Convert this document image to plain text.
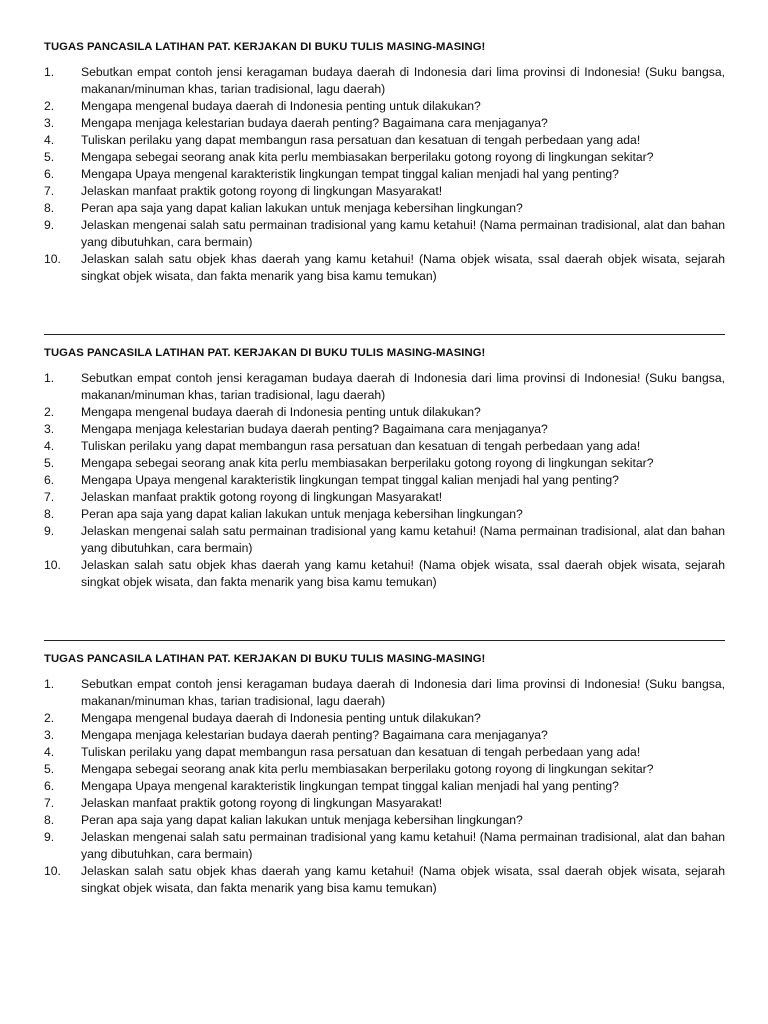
TUGAS PANCASILA LATIHAN PAT. KERJAKAN DI BUKU TULIS MASING-MASING!
1.	Sebutkan empat contoh jensi keragaman budaya daerah di Indonesia dari lima provinsi di Indonesia! (Suku bangsa, makanan/minuman khas, tarian tradisional, lagu daerah)
2.	Mengapa mengenal budaya daerah di Indonesia penting untuk dilakukan?
3.	Mengapa menjaga kelestarian budaya daerah penting? Bagaimana cara menjaganya?
4.	Tuliskan perilaku yang dapat membangun rasa persatuan dan kesatuan di tengah perbedaan yang ada!
5.	Mengapa sebegai seorang anak kita perlu membiasakan berperilaku gotong royong di lingkungan sekitar?
6.	Mengapa Upaya mengenal karakteristik lingkungan tempat tinggal kalian menjadi hal yang penting?
7.	Jelaskan manfaat praktik gotong royong di lingkungan Masyarakat!
8.	Peran apa saja yang dapat kalian lakukan untuk menjaga kebersihan lingkungan?
9.	Jelaskan mengenai salah satu permainan tradisional yang kamu ketahui! (Nama permainan tradisional, alat dan bahan yang dibutuhkan, cara bermain)
10.	Jelaskan salah satu objek khas daerah yang kamu ketahui! (Nama objek wisata, ssal daerah objek wisata, sejarah singkat objek wisata, dan fakta menarik yang bisa kamu temukan)
TUGAS PANCASILA LATIHAN PAT. KERJAKAN DI BUKU TULIS MASING-MASING!
1.	Sebutkan empat contoh jensi keragaman budaya daerah di Indonesia dari lima provinsi di Indonesia! (Suku bangsa, makanan/minuman khas, tarian tradisional, lagu daerah)
2.	Mengapa mengenal budaya daerah di Indonesia penting untuk dilakukan?
3.	Mengapa menjaga kelestarian budaya daerah penting? Bagaimana cara menjaganya?
4.	Tuliskan perilaku yang dapat membangun rasa persatuan dan kesatuan di tengah perbedaan yang ada!
5.	Mengapa sebegai seorang anak kita perlu membiasakan berperilaku gotong royong di lingkungan sekitar?
6.	Mengapa Upaya mengenal karakteristik lingkungan tempat tinggal kalian menjadi hal yang penting?
7.	Jelaskan manfaat praktik gotong royong di lingkungan Masyarakat!
8.	Peran apa saja yang dapat kalian lakukan untuk menjaga kebersihan lingkungan?
9.	Jelaskan mengenai salah satu permainan tradisional yang kamu ketahui! (Nama permainan tradisional, alat dan bahan yang dibutuhkan, cara bermain)
10.	Jelaskan salah satu objek khas daerah yang kamu ketahui! (Nama objek wisata, ssal daerah objek wisata, sejarah singkat objek wisata, dan fakta menarik yang bisa kamu temukan)
TUGAS PANCASILA LATIHAN PAT. KERJAKAN DI BUKU TULIS MASING-MASING!
1.	Sebutkan empat contoh jensi keragaman budaya daerah di Indonesia dari lima provinsi di Indonesia! (Suku bangsa, makanan/minuman khas, tarian tradisional, lagu daerah)
2.	Mengapa mengenal budaya daerah di Indonesia penting untuk dilakukan?
3.	Mengapa menjaga kelestarian budaya daerah penting? Bagaimana cara menjaganya?
4.	Tuliskan perilaku yang dapat membangun rasa persatuan dan kesatuan di tengah perbedaan yang ada!
5.	Mengapa sebegai seorang anak kita perlu membiasakan berperilaku gotong royong di lingkungan sekitar?
6.	Mengapa Upaya mengenal karakteristik lingkungan tempat tinggal kalian menjadi hal yang penting?
7.	Jelaskan manfaat praktik gotong royong di lingkungan Masyarakat!
8.	Peran apa saja yang dapat kalian lakukan untuk menjaga kebersihan lingkungan?
9.	Jelaskan mengenai salah satu permainan tradisional yang kamu ketahui! (Nama permainan tradisional, alat dan bahan yang dibutuhkan, cara bermain)
10.	Jelaskan salah satu objek khas daerah yang kamu ketahui! (Nama objek wisata, ssal daerah objek wisata, sejarah singkat objek wisata, dan fakta menarik yang bisa kamu temukan)
